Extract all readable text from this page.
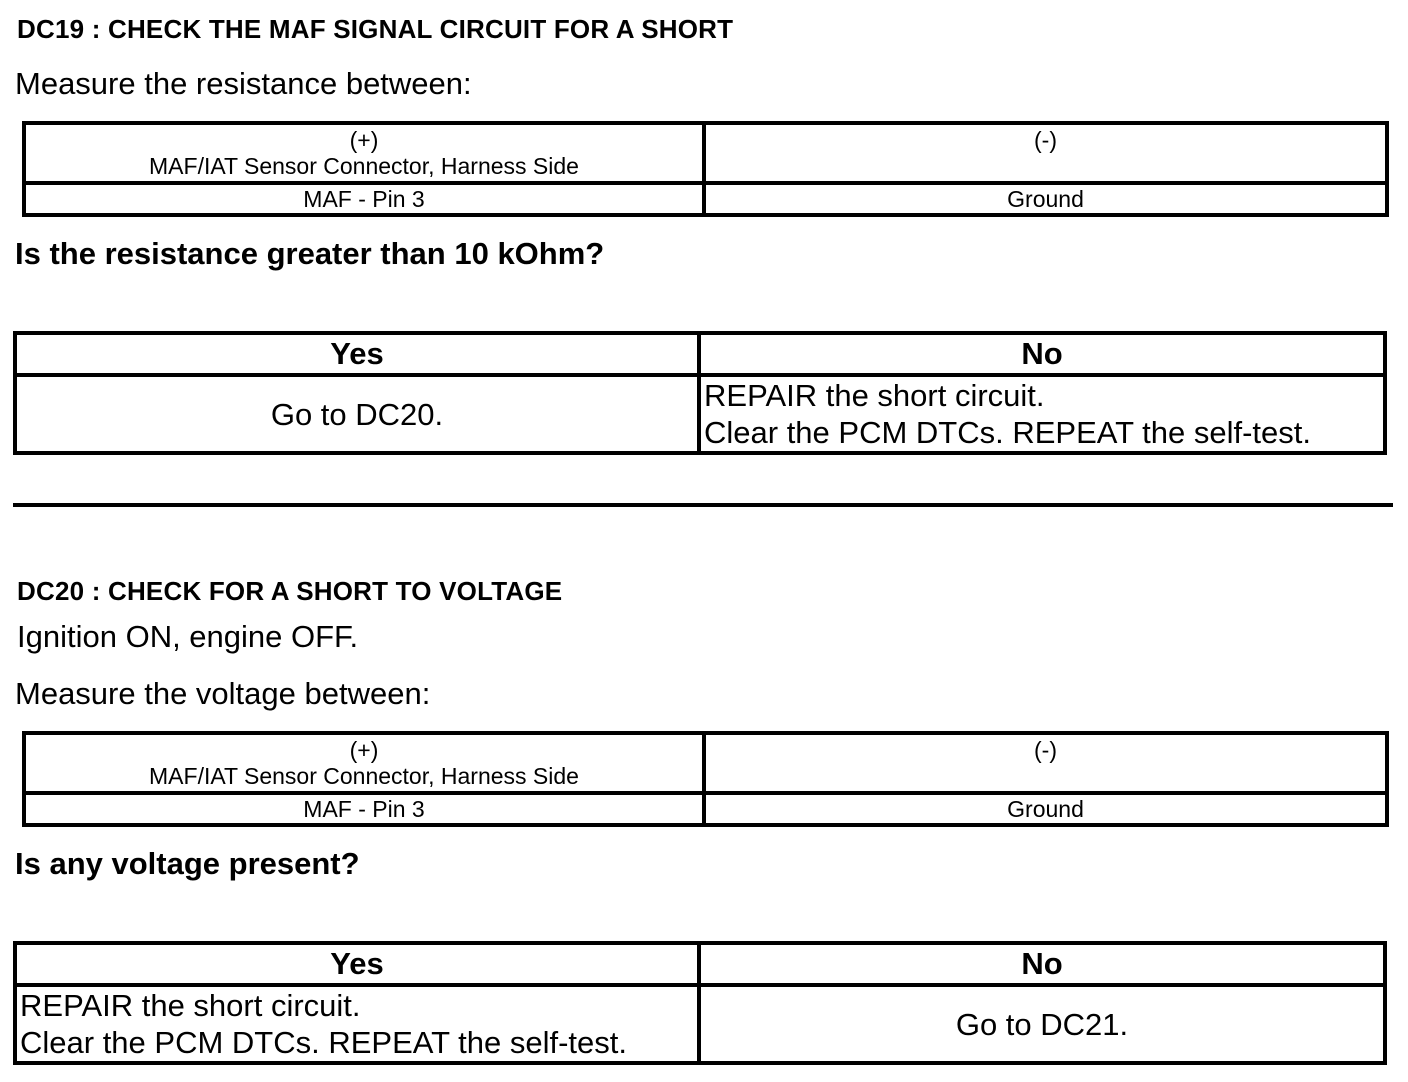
DC19 : CHECK THE MAF SIGNAL CIRCUIT FOR A SHORT
Measure the resistance between:
(+)
MAF/IAT Sensor Connector, Harness Side	(-)

MAF - Pin 3	Ground
Is the resistance greater than 10 kOhm?
Yes	No
Go to DC20.	REPAIR the short circuit.
Clear the PCM DTCs. REPEAT the self-test.
DC20 : CHECK FOR A SHORT TO VOLTAGE
Ignition ON, engine OFF.
Measure the voltage between:
(+)
MAF/IAT Sensor Connector, Harness Side	(-)

MAF - Pin 3	Ground
Is any voltage present?
Yes	No

REPAIR the short circuit.
Clear the PCM DTCs. REPEAT the self-test.	Go to DC21.
